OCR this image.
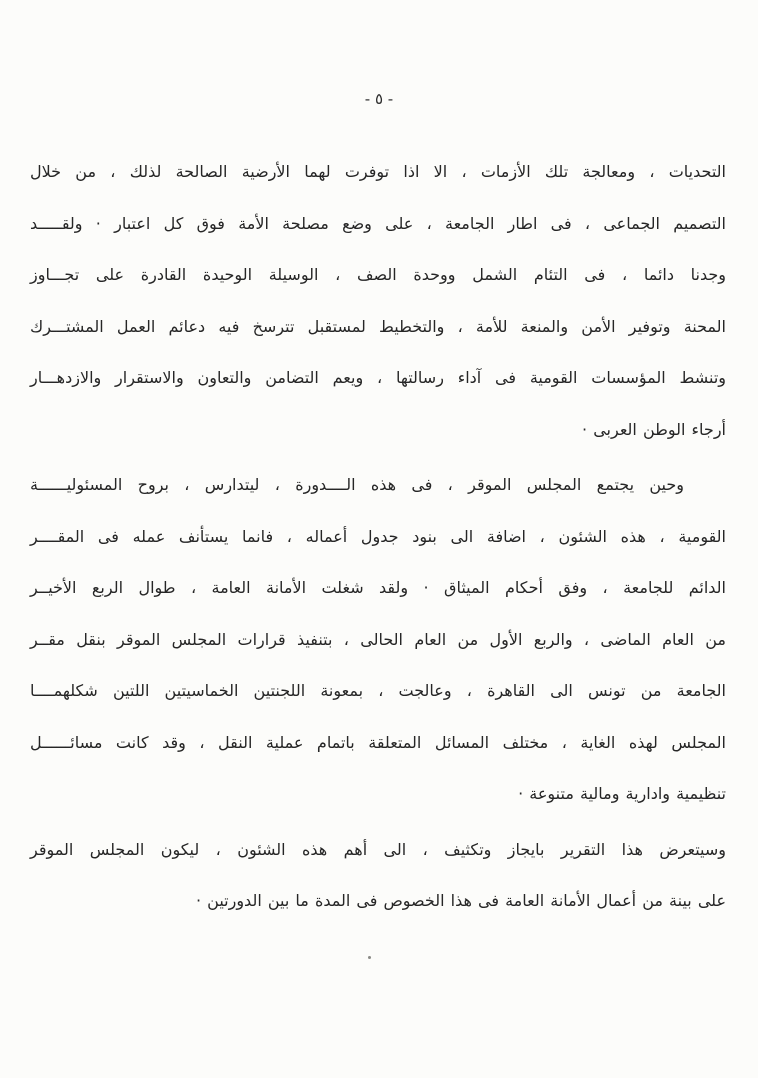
- ٥ -
التحديات ، ومعالجة تلك الأزمات ، الا اذا توفرت لهما الأرضية الصالحة لذلك ، من خلال
التصميم الجماعى ، فى اطار الجامعة ، على وضع مصلحة الأمة فوق كل اعتبار · ولقـــــد
وجدنا دائما ، فى التئام الشمل ووحدة الصف ، الوسيلة الوحيدة القادرة على تجـــاوز
المحنة وتوفير الأمن والمنعة للأمة ، والتخطيط لمستقبل تترسخ فيه دعائم العمل المشتـــرك
وتنشط المؤسسات القومية فى آداء رسالتها ، ويعم التضامن والتعاون والاستقرار والازدهـــار
أرجاء الوطن العربى ·
وحين يجتمع المجلس الموقر ، فى هذه الــــدورة ، ليتدارس ، بروح المسئوليــــــة
القومية ، هذه الشئون ، اضافة الى بنود جدول أعماله ، فانما يستأنف عمله فى المقــــر
الدائم للجامعة ، وفق أحكام الميثاق · ولقد شغلت الأمانة العامة ، طوال الربع الأخيــر
من العام الماضى ، والربع الأول من العام الحالى ، بتنفيذ قرارات المجلس الموقر بنقل مقــر
الجامعة من تونس الى القاهرة ، وعالجت ، بمعونة اللجنتين الخماسيتين اللتين شكلهمــــا
المجلس لهذه الغاية ، مختلف المسائل المتعلقة باتمام عملية النقل ، وقد كانت مسائــــــل
تنظيمية وادارية ومالية متنوعة ·
وسيتعرض هذا التقرير بايجاز وتكثيف ، الى أهم هذه الشئون ، ليكون المجلس الموقر
على بينة من أعمال الأمانة العامة فى هذا الخصوص فى المدة ما بين الدورتين ·
